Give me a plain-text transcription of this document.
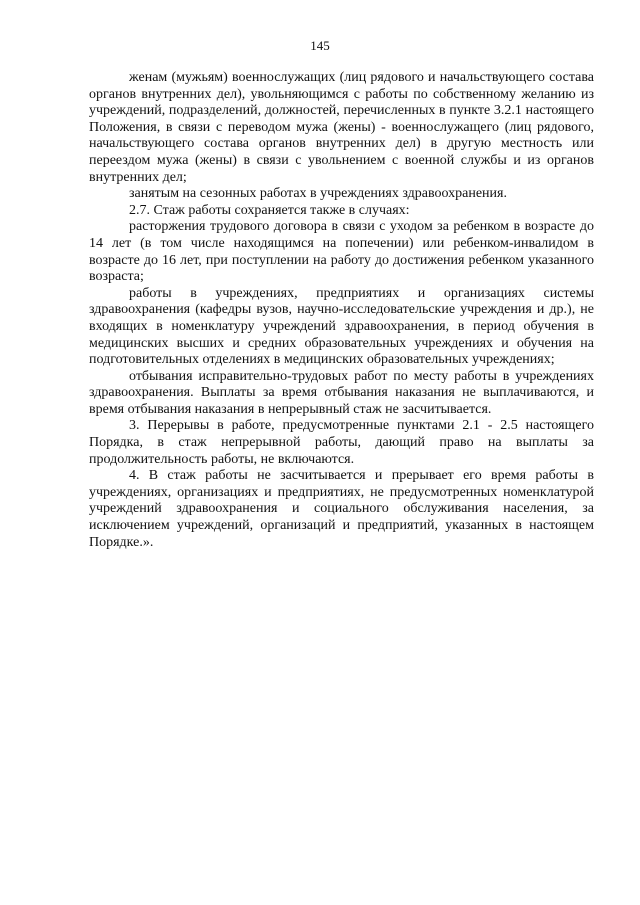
145

женам (мужьям) военнослужащих (лиц рядового и начальствующего состава органов внутренних дел), увольняющимся с работы по собственному желанию из учреждений, подразделений, должностей, перечисленных в пункте 3.2.1 настоящего Положения, в связи с переводом мужа (жены) - военнослужащего (лиц рядового, начальствующего состава органов внутренних дел) в другую местность или переездом мужа (жены) в связи с увольнением с военной службы и из органов внутренних дел;

занятым на сезонных работах в учреждениях здравоохранения.

2.7. Стаж работы сохраняется также в случаях:

расторжения трудового договора в связи с уходом за ребенком в возрасте до 14 лет (в том числе находящимся на попечении) или ребенком-инвалидом в возрасте до 16 лет, при поступлении на работу до достижения ребенком указанного возраста;

работы в учреждениях, предприятиях и организациях системы здравоохранения (кафедры вузов, научно-исследовательские учреждения и др.), не входящих в номенклатуру учреждений здравоохранения, в период обучения в медицинских высших и средних образовательных учреждениях и обучения на подготовительных отделениях в медицинских образовательных учреждениях;

отбывания исправительно-трудовых работ по месту работы в учреждениях здравоохранения. Выплаты за время отбывания наказания не выплачиваются, и время отбывания наказания в непрерывный стаж не засчитывается.

3. Перерывы в работе, предусмотренные пунктами 2.1 - 2.5 настоящего Порядка, в стаж непрерывной работы, дающий право на выплаты за продолжительность работы, не включаются.

4. В стаж работы не засчитывается и прерывает его время работы в учреждениях, организациях и предприятиях, не предусмотренных номенклатурой учреждений здравоохранения и социального обслуживания населения, за исключением учреждений, организаций и предприятий, указанных в настоящем Порядке.».
